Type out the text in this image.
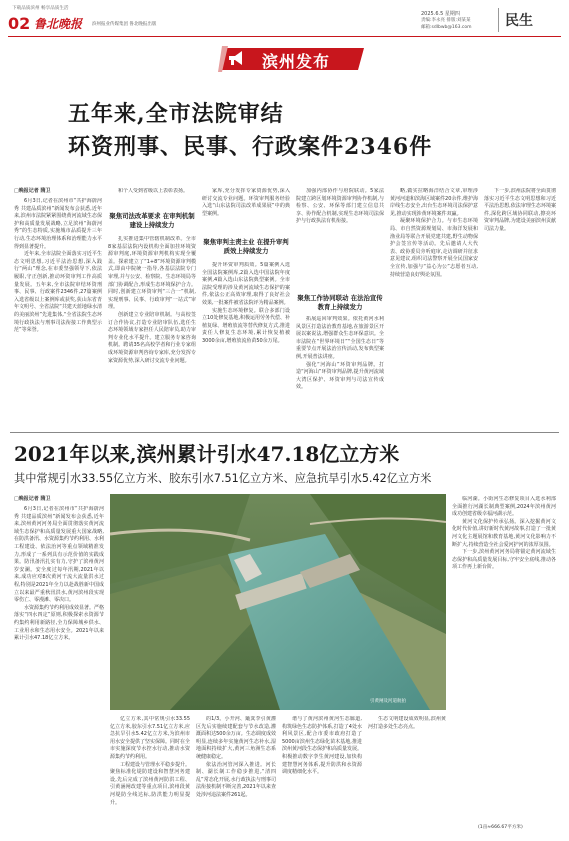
下载品质滨州 畅享品质生活
02 鲁北晚报 滨州报业传媒集团 鲁北晚报出版
2025.6.5 星期四
责编:李永亮 排版:刘某某
邮箱:sdlbwb@163.com 民生
滨州发布
五年来,全市法院审结
环资刑事、民事、行政案件2346件
□晚报记者 隋卫

6月3日,记者在滨州市“共护海蔚河秀 共建品质滨州”新闻发布会获悉,近年来,滨州市法院紧紧围绕黄河流域生态保护和高质量发展战略,立足滨州“海蔚河秀”的生态特质,实施城市品质提升三年行动,生态环境治理体系和治理能力水平得到显著提升。

近年来,全市法院全面落实习近平生态文明思想,习近平法治思想,深入践行“两山”理念,在市委坚强领导下,依法履职,守正创新,推动环资审判工作高质量发展。五年来,全市法院审结环资刑事、民事、行政案件2346件,27篇案例入选省级以上案例库或获奖,获山东省青年文明号、全省法院“共建天蓝地绿水清的美丽滨州”先进集体,“全省法院生态环境行政执法与刑事司法衔接工作典型示范”等荣誉。

和个人受到省级以上表彰表扬。

聚焦司法改革要求 在审判机制建设上持续发力

扎实推进集中管辖机制改革。全市8家基层法院内设机构全面加挂环境资源审判庭,环境资源审判机构实现全覆盖。探索建立了“1+8”环境资源审判模式,即由中院统一指导,各基层法院专门审理,并与公安、检察院、生态环境局等部门协调配合,形成生态环境保护合力。同时,创新建立环资审判“三合一”机制,实现刑事、民事、行政审判“一站式”审理。

创新建立专业陪审机制。与高校签订合作协议,打造专业陪审队伍,选任生态环境领域专家担任人民陪审员,助力审判专业化水平提升。建立服务专家咨询机制。聘请35名高校学者和行业专家组成环境资源审判咨询专家库,充分发挥专家资源优势,深入研讨交流专业问题。

家库,充分发挥专家资源优势,深入研讨交流专业问题。环资审判服务经验入选“山东法院司法改革成果展”中的典型案例。

聚焦审判主责主业 在提升审判质效上持续发力

提升环资审判质效。5篇案例入选全国法院案例库,2篇入选中国法院年度案例,4篇入选山东法院典型案例。全市法院受理的涉及黄河流域生态保护的案件,依法公正高效审理,取得了良好社会效果,一批案件被省法院评为精品案例。

实施生态环境修复。联合多部门设立10处修复基地,积极运用劳务代偿、补植复绿、增殖放流等替代修复方式,推进责任人修复生态环境,累计恢复植被3000余亩,增殖放流鱼苗50余万尾。

加强内部协作与府院联动。5家法院建立跨区划环境资源审判协作机制,与检察、公安、环保等部门建立信息共享、协作配合机制,实现生态环境司法保护与行政执法有机衔接。

聚焦工作协同联动 在法治宣传教育上持续发力

拓展巡回审判效果。依托黄河水利风景区打造法治教育基地,在旅游景区开展以案说法,增强群众生态环保意识。全市法院在“世界环境日”“全国生态日”等重要节点开展法治宣传活动,发布典型案例,开展普法讲座。

强化“河海山”环资审判品牌。打造“河海山”环资审判品牌,提升黄河流域大湾区保护、环资审判与司法宣传成效。

略,做实拉略海洋结合文章,审理涉黄河河道和滨海区域案件20余件,维护海岸线生态安全,出台生态环境司法保护意见,推动实现涉黄环境案件双赢。

凝聚环境保护合力。与市生态环境局、市自然资源规划局、市海洋发展和渔业局等联合开展党建共建,野生动物保护会签宣传等活动。先后邀请人大代表、政协委员旁听庭审,走访调研并征求意见建议,组织司法警察开展全民国家安全宣传,加强与“益心为公”志愿者互动,持续营造良好舆论氛围。

下一步,滨州法院将全面贯彻落实习近平生态文明思想和习近平法治思想,依法审理生态环境案件,深化跨区域协同联动,擦亮环资审判品牌,为建设美丽滨州贡献司法力量。

2021年以来,滨州累计引水47.18亿立方米
其中常规引水33.55亿立方米、胶东引水7.51亿立方米、应急抗旱引水5.42亿立方米
□晚报记者 隋卫

6月3日,记者在滨州市“共护海蔚河秀 共建品质滨州”新闻发布会获悉,近年来,滨州黄河河务局全面贯彻落实黄河流域生态保护和高质量发展重大国家战略,在防洪备汛、水资源集约节约利用、水利工程建设、依法治河等重点领域精准发力,形成了一系列具有示范价值的实践成果。防汛备汛扎实有力,守护了滨州黄河岁安澜。安全度过每年汛期,2021年以来,成功应对8次黄河干流大流量洪水过程,特别是2021年全力以赴战胜新中国成立以来最严重秋汛洪水,黄河滨州段实现零伤亡、零漫滩、零决口。

水资源集约节约利用成效显著。严格落实“四水四定”原则,积极探索水资源节约集约利用新路径,全力保障城乡供水、工业用水和生态用水安全。2021年以来累计引水47.18亿立方米。

引黄闸及河道航拍

亿立方米,其中常规引水33.55亿立方米,胶东引水7.51亿立方米,应急抗旱引水5.42亿立方米,为滨州市用水安全提供了坚实保障。同时在全市实施深度节水控水行动,推动水资源集约节约利用。

工程建设与管理水平稳步提升。聚焦标准化堤防建设和智慧河务建设,先后完成了滨州黄河防洪工程、引黄涵闸改建等重点项目,滨州段黄河堤防全线达标,防洪能力明显提升。

的1/3。小开河、簸箕李引黄灌区先后实施续建配套与节水改造,灌溉面积达500余万亩。生态调度成效明显,连续多年实施黄河生态补水,湿地面积持续扩大,黄河三角洲生态系统健康稳定。

依法治河管河深入推进。河长制、湖长制工作稳步推进,“清四乱”常态化开展,水行政执法与刑事司法衔接机制不断完善,2021年以来查处涉河违法案件261起。

谐与了黄河滨州黄河生态廊道,构筑绿色生态防护体系,打造了4处水利风景区,配合市委市政府打造了5000亩滨州生态绿化苗木基地,推进滨州黄河段生态保护和高质量发展。积极推动数字孪生黄河建设,加快构建智慧河务体系,提升防洪和水资源调度精细化水平。

生态文明建设成效明显,滨州黄河打造多处生态亮点。

临河湖。小街河生态修复项目入选水利部全面推行河湖长制典型案例,2024年滨州黄河成功创建省级幸福河湖示范。

黄河文化保护传承弘扬。深入挖掘黄河文化时代价值,讲好新时代黄河故事,打造了一批黄河文化主题展馆和教育基地,黄河文化影响力不断扩大,持续营造全社会爱河护河的浓厚氛围。

下一步,滨州黄河河务局将锚定黄河流域生态保护和高质量发展目标,守牢安全底线,推动各项工作再上新台阶。

(1亩≈666.67平方米)
